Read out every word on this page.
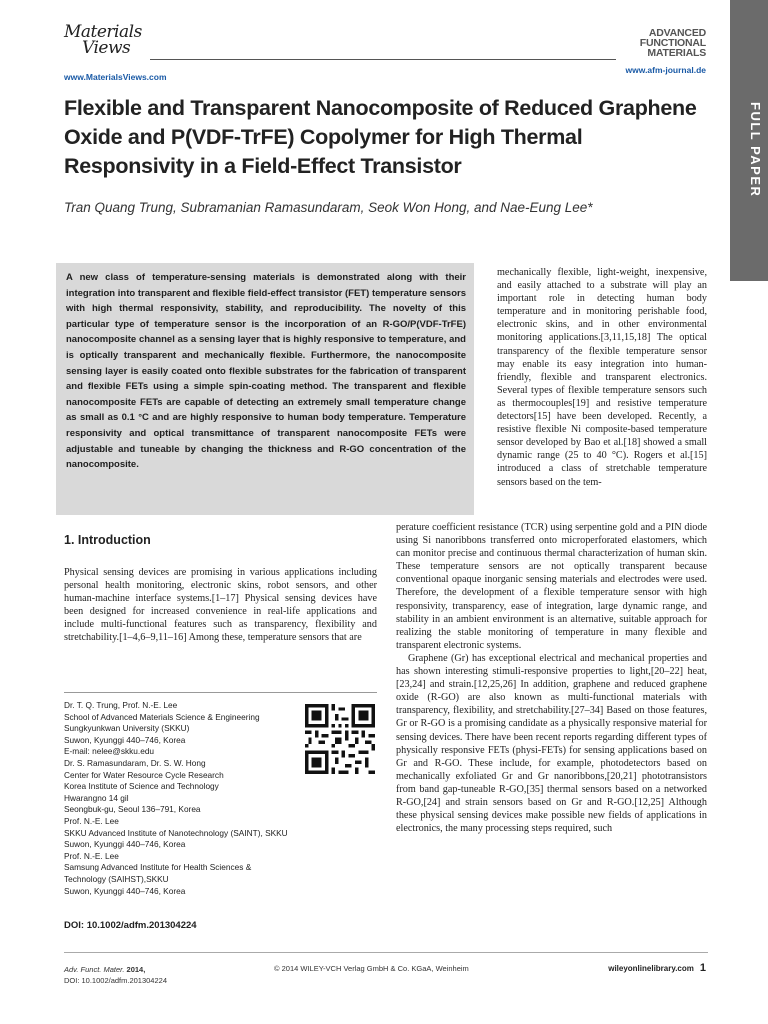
Materials
Views
www.MaterialsViews.com
ADVANCED
FUNCTIONAL
MATERIALS
www.afm-journal.de
FULL PAPER
Flexible and Transparent Nanocomposite of Reduced Graphene Oxide and P(VDF-TrFE) Copolymer for High Thermal Responsivity in a Field-Effect Transistor
Tran Quang Trung, Subramanian Ramasundaram, Seok Won Hong, and Nae-Eung Lee*
A new class of temperature-sensing materials is demonstrated along with their integration into transparent and flexible field-effect transistor (FET) temperature sensors with high thermal responsivity, stability, and reproducibility. The novelty of this particular type of temperature sensor is the incorporation of an R-GO/P(VDF-TrFE) nanocomposite channel as a sensing layer that is highly responsive to temperature, and is optically transparent and mechanically flexible. Furthermore, the nanocomposite sensing layer is easily coated onto flexible substrates for the fabrication of transparent and flexible FETs using a simple spin-coating method. The transparent and flexible nanocomposite FETs are capable of detecting an extremely small temperature change as small as 0.1 °C and are highly responsive to human body temperature. Temperature responsivity and optical transmittance of transparent nanocomposite FETs were adjustable and tuneable by changing the thickness and R-GO concentration of the nanocomposite.
mechanically flexible, light-weight, inexpensive, and easily attached to a substrate will play an important role in detecting human body temperature and in monitoring perishable food, electronic skins, and in other environmental monitoring applications.[3,11,15,18] The optical transparency of the flexible temperature sensor may enable its easy integration into human-friendly, flexible and transparent electronics. Several types of flexible temperature sensors such as thermocouples[19] and resistive temperature detectors[15] have been developed. Recently, a resistive flexible Ni composite-based temperature sensor developed by Bao et al.[18] showed a small dynamic range (25 to 40 °C). Rogers et al.[15] introduced a class of stretchable temperature sensors based on the tem-

perature coefficient resistance (TCR) using serpentine gold and a PIN diode using Si nanoribbons transferred onto microperforated elastomers, which can monitor precise and continuous thermal characterization of human skin. These temperature sensors are not optically transparent because conventional opaque inorganic sensing materials and electrodes were used. Therefore, the development of a flexible temperature sensor with high responsivity, transparency, ease of integration, large dynamic range, and stability in an ambient environment is an alternative, suitable approach for realizing the stable monitoring of temperature in many flexible and transparent electronic systems.

Graphene (Gr) has exceptional electrical and mechanical properties and has shown interesting stimuli-responsive properties to light,[20–22] heat,[23,24] and strain.[12,25,26] In addition, graphene and reduced graphene oxide (R-GO) are also known as multi-functional materials with transparency, flexibility, and stretchability.[27–34] Based on those features, Gr or R-GO is a promising candidate as a physically responsive material for sensing devices. There have been recent reports regarding different types of physically responsive FETs (physi-FETs) for sensing applications based on Gr and R-GO. These include, for example, photodetectors based on mechanically exfoliated Gr and Gr nanoribbons,[20,21] phototransistors from band gap-tuneable R-GO,[35] thermal sensors based on a networked R-GO,[24] and strain sensors based on Gr and R-GO.[12,25] Although these physical sensing devices make possible new fields of applications in electronics, the many processing steps required, such

1. Introduction
Physical sensing devices are promising in various applications including personal health monitoring, electronic skins, robot sensors, and other human-machine interface systems.[1–17] Physical sensing devices have been designed for increased convenience in real-life applications and include multi-functional features such as transparency, flexibility and stretchability.[1–4,6–9,11–16] Among these, temperature sensors that are
Dr. T. Q. Trung, Prof. N.-E. Lee
School of Advanced Materials Science & Engineering
Sungkyunkwan University (SKKU)
Suwon, Kyunggi 440–746, Korea
E-mail: nelee@skku.edu
Dr. S. Ramasundaram, Dr. S. W. Hong
Center for Water Resource Cycle Research
Korea Institute of Science and Technology
Hwarangno 14 gil
Seongbuk-gu, Seoul 136–791, Korea
Prof. N.-E. Lee
SKKU Advanced Institute of Nanotechnology (SAINT), SKKU
Suwon, Kyunggi 440–746, Korea
Prof. N.-E. Lee
Samsung Advanced Institute for Health Sciences &
Technology (SAIHST),SKKU
Suwon, Kyunggi 440–746, Korea
DOI: 10.1002/adfm.201304224
Adv. Funct. Mater. 2014,
DOI: 10.1002/adfm.201304224
© 2014 WILEY-VCH Verlag GmbH & Co. KGaA, Weinheim	wileyonlinelibrary.com 1
